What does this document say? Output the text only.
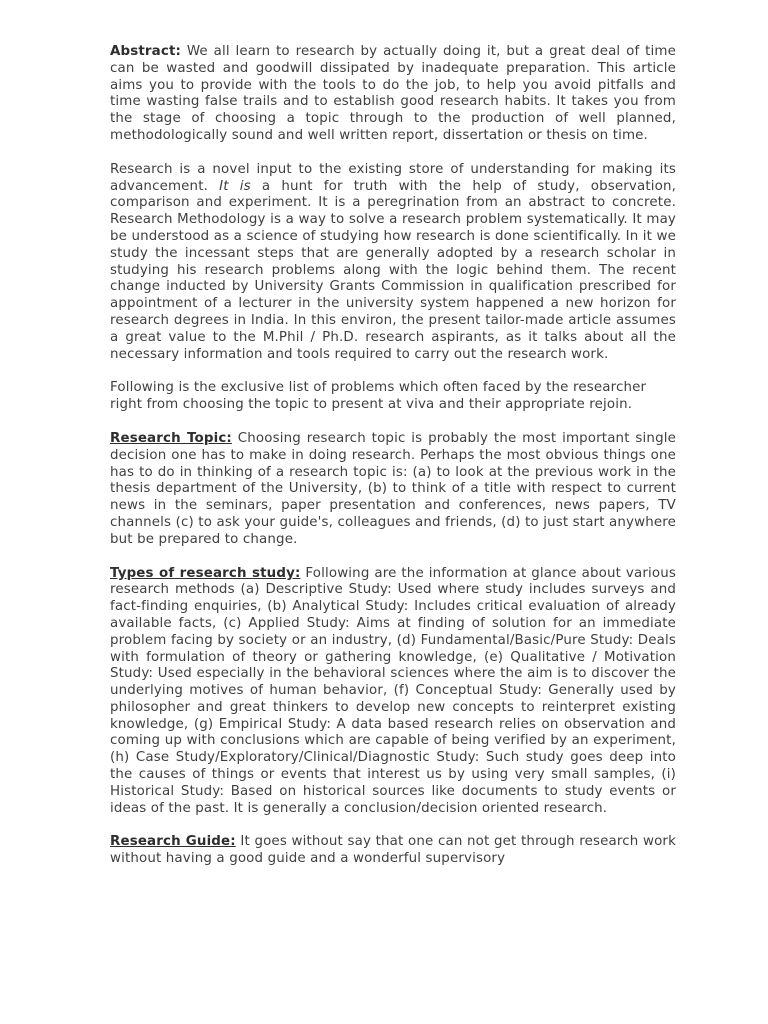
Abstract: We all learn to research by actually doing it, but a great deal of time can be wasted and goodwill dissipated by inadequate preparation. This article aims you to provide with the tools to do the job, to help you avoid pitfalls and time wasting false trails and to establish good research habits. It takes you from the stage of choosing a topic through to the production of well planned, methodologically sound and well written report, dissertation or thesis on time.

Research is a novel input to the existing store of understanding for making its advancement. It is a hunt for truth with the help of study, observation, comparison and experiment. It is a peregrination from an abstract to concrete. Research Methodology is a way to solve a research problem systematically. It may be understood as a science of studying how research is done scientifically. In it we study the incessant steps that are generally adopted by a research scholar in studying his research problems along with the logic behind them. The recent change inducted by University Grants Commission in qualification prescribed for appointment of a lecturer in the university system happened a new horizon for research degrees in India. In this environ, the present tailor-made article assumes a great value to the M.Phil / Ph.D. research aspirants, as it talks about all the necessary information and tools required to carry out the research work.

Following is the exclusive list of problems which often faced by the researcher right from choosing the topic to present at viva and their appropriate rejoin.

Research Topic: Choosing research topic is probably the most important single decision one has to make in doing research. Perhaps the most obvious things one has to do in thinking of a research topic is: (a) to look at the previous work in the thesis department of the University, (b) to think of a title with respect to current news in the seminars, paper presentation and conferences, news papers, TV channels (c) to ask your guide's, colleagues and friends, (d) to just start anywhere but be prepared to change.

Types of research study: Following are the information at glance about various research methods (a) Descriptive Study: Used where study includes surveys and fact-finding enquiries, (b) Analytical Study: Includes critical evaluation of already available facts, (c) Applied Study: Aims at finding of solution for an immediate problem facing by society or an industry, (d) Fundamental/Basic/Pure Study: Deals with formulation of theory or gathering knowledge, (e) Qualitative / Motivation Study: Used especially in the behavioral sciences where the aim is to discover the underlying motives of human behavior, (f) Conceptual Study: Generally used by philosopher and great thinkers to develop new concepts to reinterpret existing knowledge, (g) Empirical Study: A data based research relies on observation and coming up with conclusions which are capable of being verified by an experiment, (h) Case Study/Exploratory/Clinical/Diagnostic Study: Such study goes deep into the causes of things or events that interest us by using very small samples, (i) Historical Study: Based on historical sources like documents to study events or ideas of the past. It is generally a conclusion/decision oriented research.

Research Guide: It goes without say that one can not get through research work without having a good guide and a wonderful supervisory
